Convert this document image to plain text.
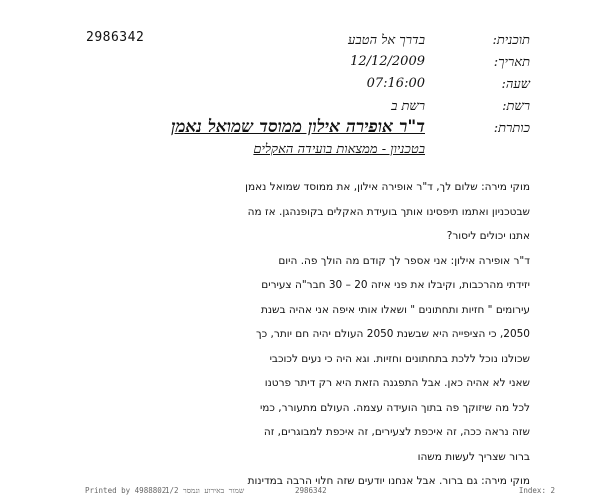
2986342	תוכנית:
בדרך אל הטבע
תאריך:
12/12/2009
שעה:
07:16:00
רשת:
רשת ב
כותרת:
ד"ר אופירה אילון ממוסד שמואל נאמן
בטכניון - ממצאות בועידה האקלים

מוקי מירה: שלום לך, ד"ר אופירה אילון, את ממוסד שמואל נאמן

שבטכניון ואתמו תיפסינו אותך בועידת האקלים בקופנהגן. אז מה

אתנו יכולים ליסור?

ד"ר אופירה אילון: אני אספר לך קודם מה הולך פה. היום

יזידתי מהרכבות, וקיבלו את פני איזה 20 – 30 חבר"ה צעירים

עירומים " חזיות ותחתונים " ושאלו אותי איפה אני אהיה בשנת

2050, כי הציפייה היא שבשנת 2050 העולם יהיה חם יותר, כך

שכולנו נוכל ללכת בתחתונים וחזיות. וגא היה כי נעים לכוכבי

שאני לא אהיה כאן. אבל התפגנה הזאת היא רק דיתר פרטנו

לכל מה שיזוקך פה בתוך הועידה עצמה. העולם מתעורר, כמי

שזה נראה ככה, זה איכפת לצעירים, זה איכפת למבוגרים, זה

ברור שצריך לעשות משהו

מוקי מירה: גם ברור. אבל אנחנו יודעים שזה חלוי הרבה במדינות

Printed by 4988802
שמור באירוע ונמסר 1/2	2986342	Index: 2
